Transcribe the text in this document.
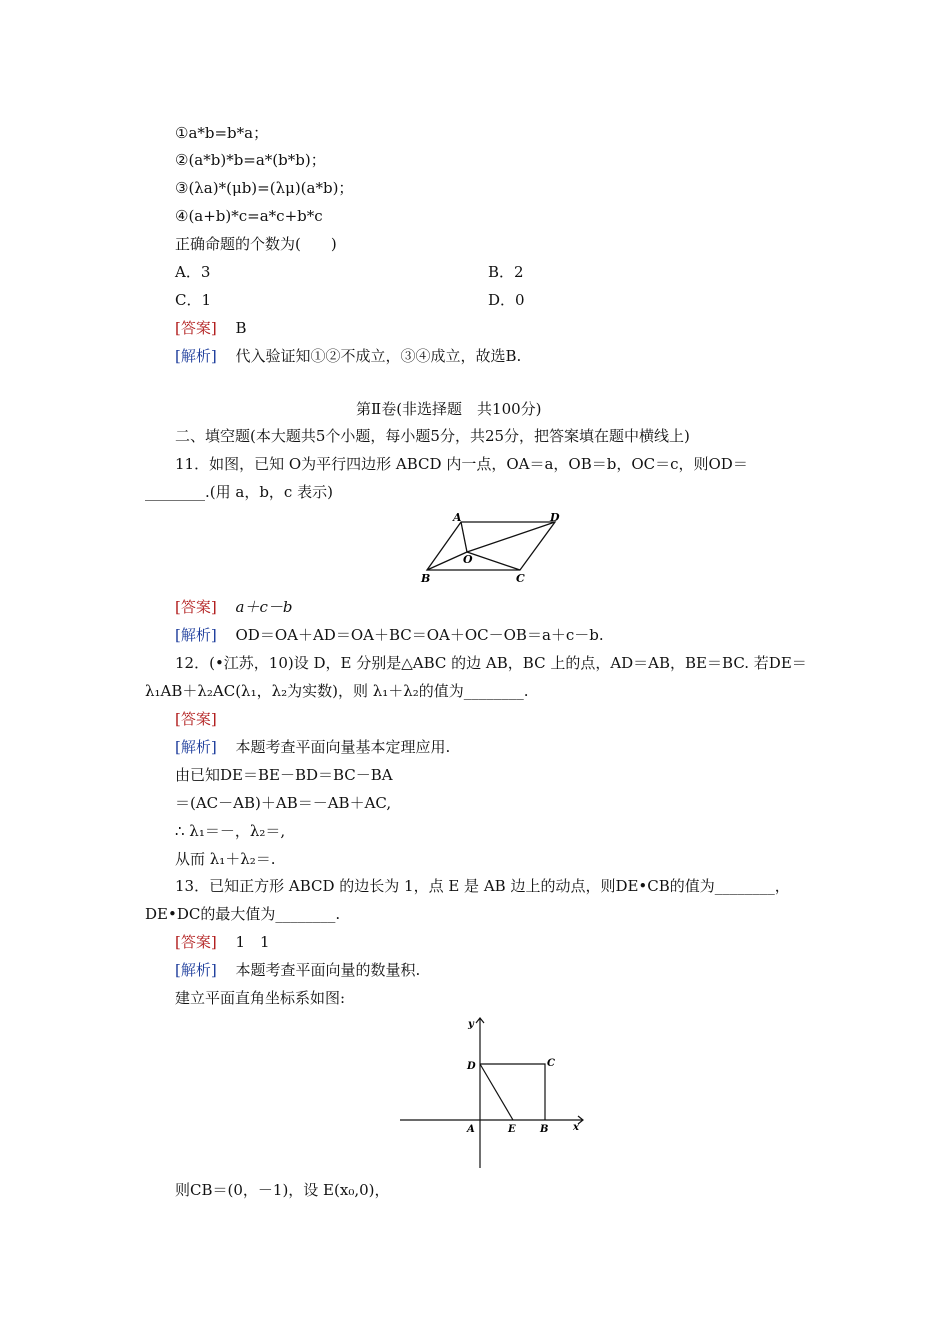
①a*b=b*a；
②(a*b)*b=a*(b*b)；
③(λa)*(μb)=(λμ)(a*b)；
④(a+b)*c=a*c+b*c
正确命题的个数为(　　)
A．3	B．2
C．1	D．0
[答案] B
[解析] 代入验证知①②不成立，③④成立，故选B.
第Ⅱ卷(非选择题　共100分)
二、填空题(本大题共5个小题，每小题5分，共25分，把答案填在题中横线上)
11．如图，已知 O为平行四边形 ABCD 内一点，OA＝a，OB＝b，OC＝c，则OD＝
________.(用 a，b，c 表示)
A	D
O
B	C
[答案] a＋c－b
[解析] OD＝OA＋AD＝OA＋BC＝OA＋OC－OB＝a＋c－b.
12．(•江苏，10)设 D，E 分别是△ABC 的边 AB，BC 上的点，AD＝AB，BE＝BC. 若DE＝
λ₁AB＋λ₂AC(λ₁，λ₂为实数)，则 λ₁＋λ₂的值为________.
[答案]
[解析] 本题考查平面向量基本定理应用.
由已知DE＝BE－BD＝BC－BA
＝(AC－AB)＋AB＝－AB＋AC,
∴ λ₁＝－，λ₂＝,
从而 λ₁＋λ₂＝.
13．已知正方形 ABCD 的边长为 1，点 E 是 AB 边上的动点，则DE•CB的值为________，
DE•DC的最大值为________.
[答案] 1　1
[解析] 本题考查平面向量的数量积.
建立平面直角坐标系如图:
y
x
A	E B
D	C
则CB＝(0，－1)，设 E(x₀,0)，
